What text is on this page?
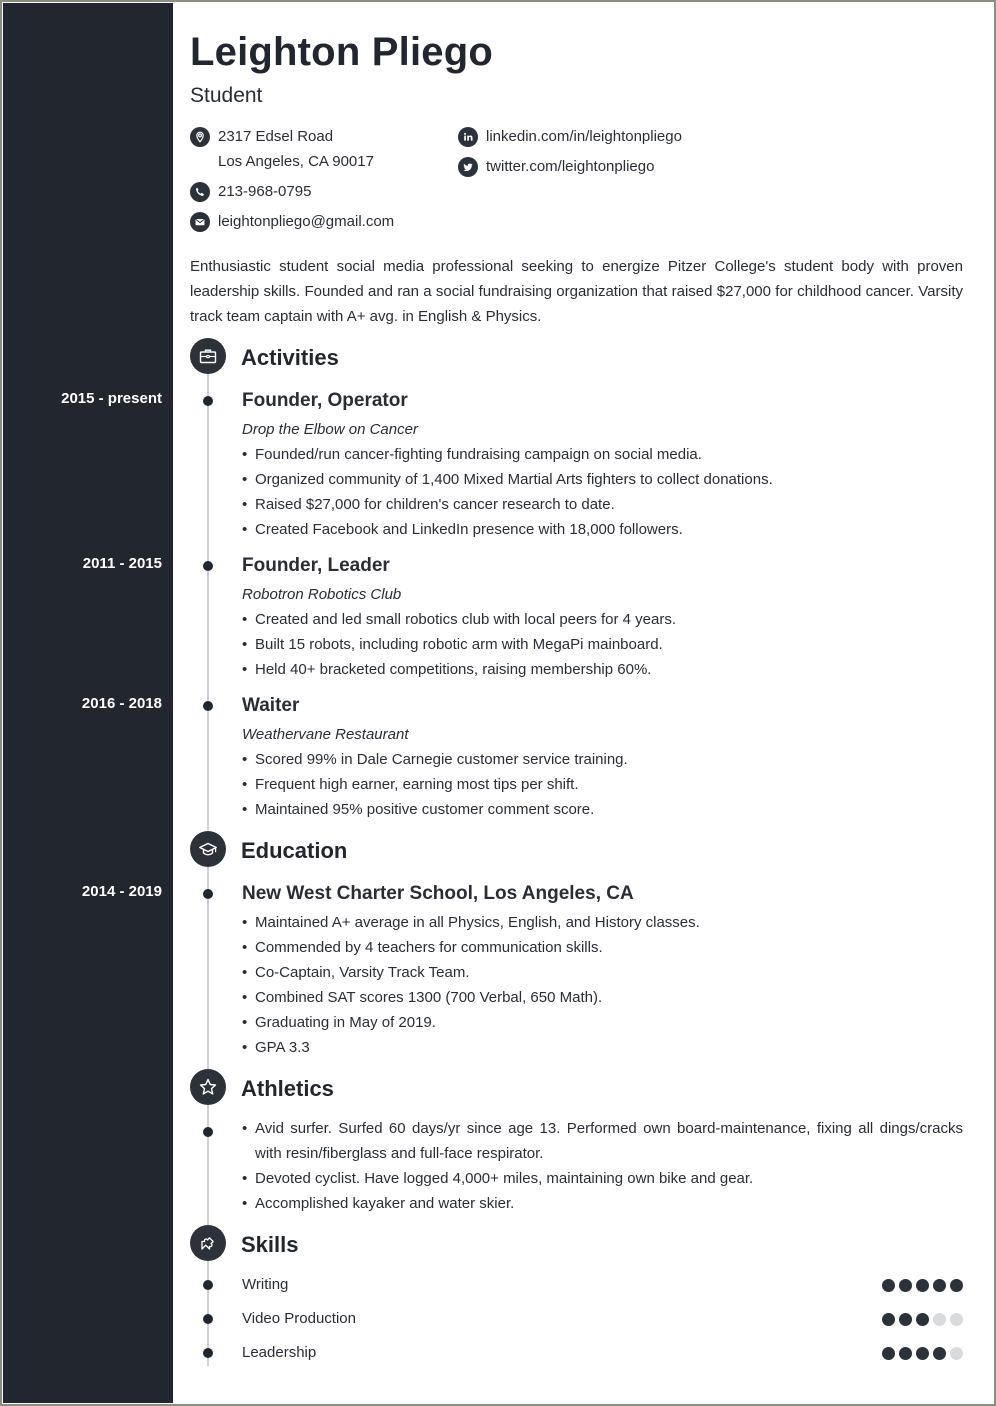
Leighton Pliego
Student
2317 Edsel Road
Los Angeles, CA 90017
213-968-0795
leightonpliego@gmail.com
linkedin.com/in/leightonpliego
twitter.com/leightonpliego
Enthusiastic student social media professional seeking to energize Pitzer College's student body with proven leadership skills. Founded and ran a social fundraising organization that raised $27,000 for childhood cancer. Varsity track team captain with A+ avg. in English & Physics.
Activities
2015 - present	Founder, Operator
Drop the Elbow on Cancer
• Founded/run cancer-fighting fundraising campaign on social media.
• Organized community of 1,400 Mixed Martial Arts fighters to collect donations.
• Raised $27,000 for children's cancer research to date.
• Created Facebook and LinkedIn presence with 18,000 followers.
2011 - 2015	Founder, Leader
Robotron Robotics Club
• Created and led small robotics club with local peers for 4 years.
• Built 15 robots, including robotic arm with MegaPi mainboard.
• Held 40+ bracketed competitions, raising membership 60%.
2016 - 2018	Waiter
Weathervane Restaurant
• Scored 99% in Dale Carnegie customer service training.
• Frequent high earner, earning most tips per shift.
• Maintained 95% positive customer comment score.
Education
2014 - 2019	New West Charter School, Los Angeles, CA
• Maintained A+ average in all Physics, English, and History classes.
• Commended by 4 teachers for communication skills.
• Co-Captain, Varsity Track Team.
• Combined SAT scores 1300 (700 Verbal, 650 Math).
• Graduating in May of 2019.
• GPA 3.3
Athletics
• Avid surfer. Surfed 60 days/yr since age 13. Performed own board-maintenance, fixing all dings/cracks with resin/fiberglass and full-face respirator.
• Devoted cyclist. Have logged 4,000+ miles, maintaining own bike and gear.
• Accomplished kayaker and water skier.
Skills
Writing
Video Production
Leadership
